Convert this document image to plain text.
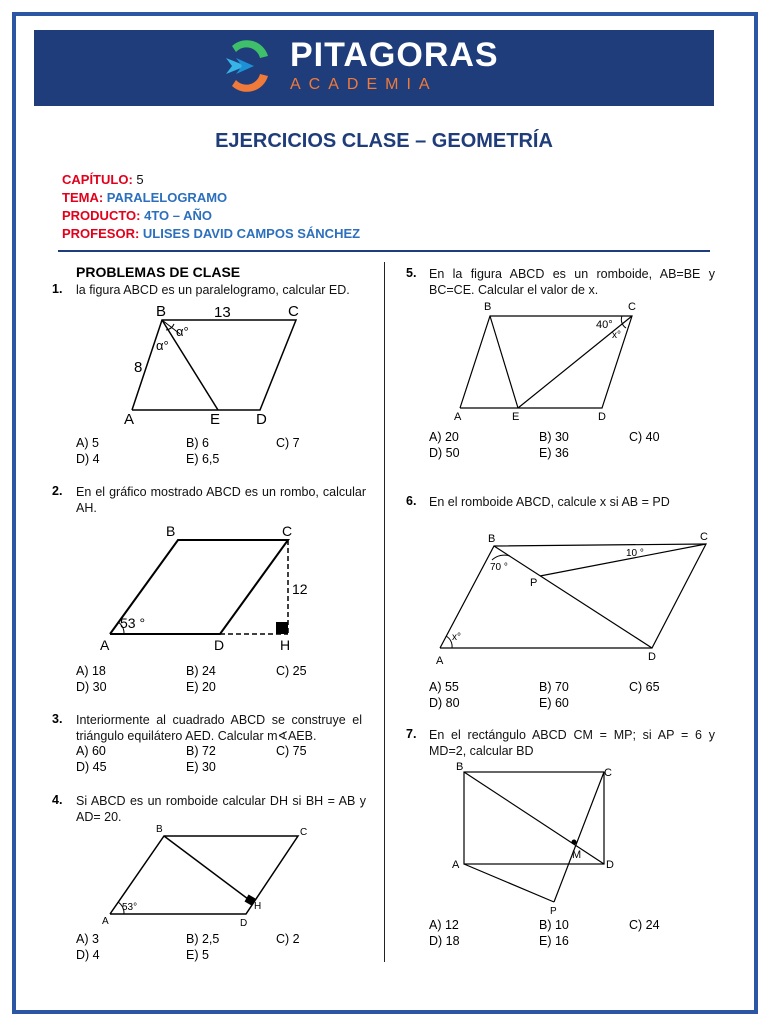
PITAGORAS
ACADEMIA
EJERCICIOS CLASE – GEOMETRÍA
CAPÍTULO: 5
TEMA: PARALELOGRAMO
PRODUCTO: 4TO – AÑO
PROFESOR: ULISES DAVID CAMPOS SÁNCHEZ
PROBLEMAS DE CLASE
1. la figura ABCD es un paralelogramo, calcular ED.
B	C
A	E D
13
8
α°
α°
A) 5	B) 6	C) 7
D) 4	E) 6,5
2. En el gráfico mostrado ABCD es un rombo, calcular AH.
B	C
A	D	H
12
53 °
A) 18	B) 24	C) 25
D) 30	E) 20
3. Interiormente al cuadrado ABCD se construye el triángulo equilátero AED. Calcular m∢AEB.
A) 60	B) 72	C) 75
D) 45	E) 30
4. Si ABCD es un romboide calcular DH si BH = AB y AD= 20.
B	C
A	D
H
53°
A) 3	B) 2,5	C) 2
D) 4	E) 5
5. En la figura ABCD es un romboide, AB=BE y BC=CE. Calcular el valor de x.
B	C
A	E	D
40°
x°
A) 20	B) 30	C) 40
D) 50	E) 36
6. En el romboide ABCD, calcule x si AB = PD
B	C
A	D
P
70 °
10 °
x°
A) 55	B) 70	C) 65
D) 80	E) 60
7. En el rectángulo ABCD CM = MP; si AP = 6 y MD=2, calcular BD
B	C
A	D
M
P
A) 12	B) 10	C) 24
D) 18	E) 16
